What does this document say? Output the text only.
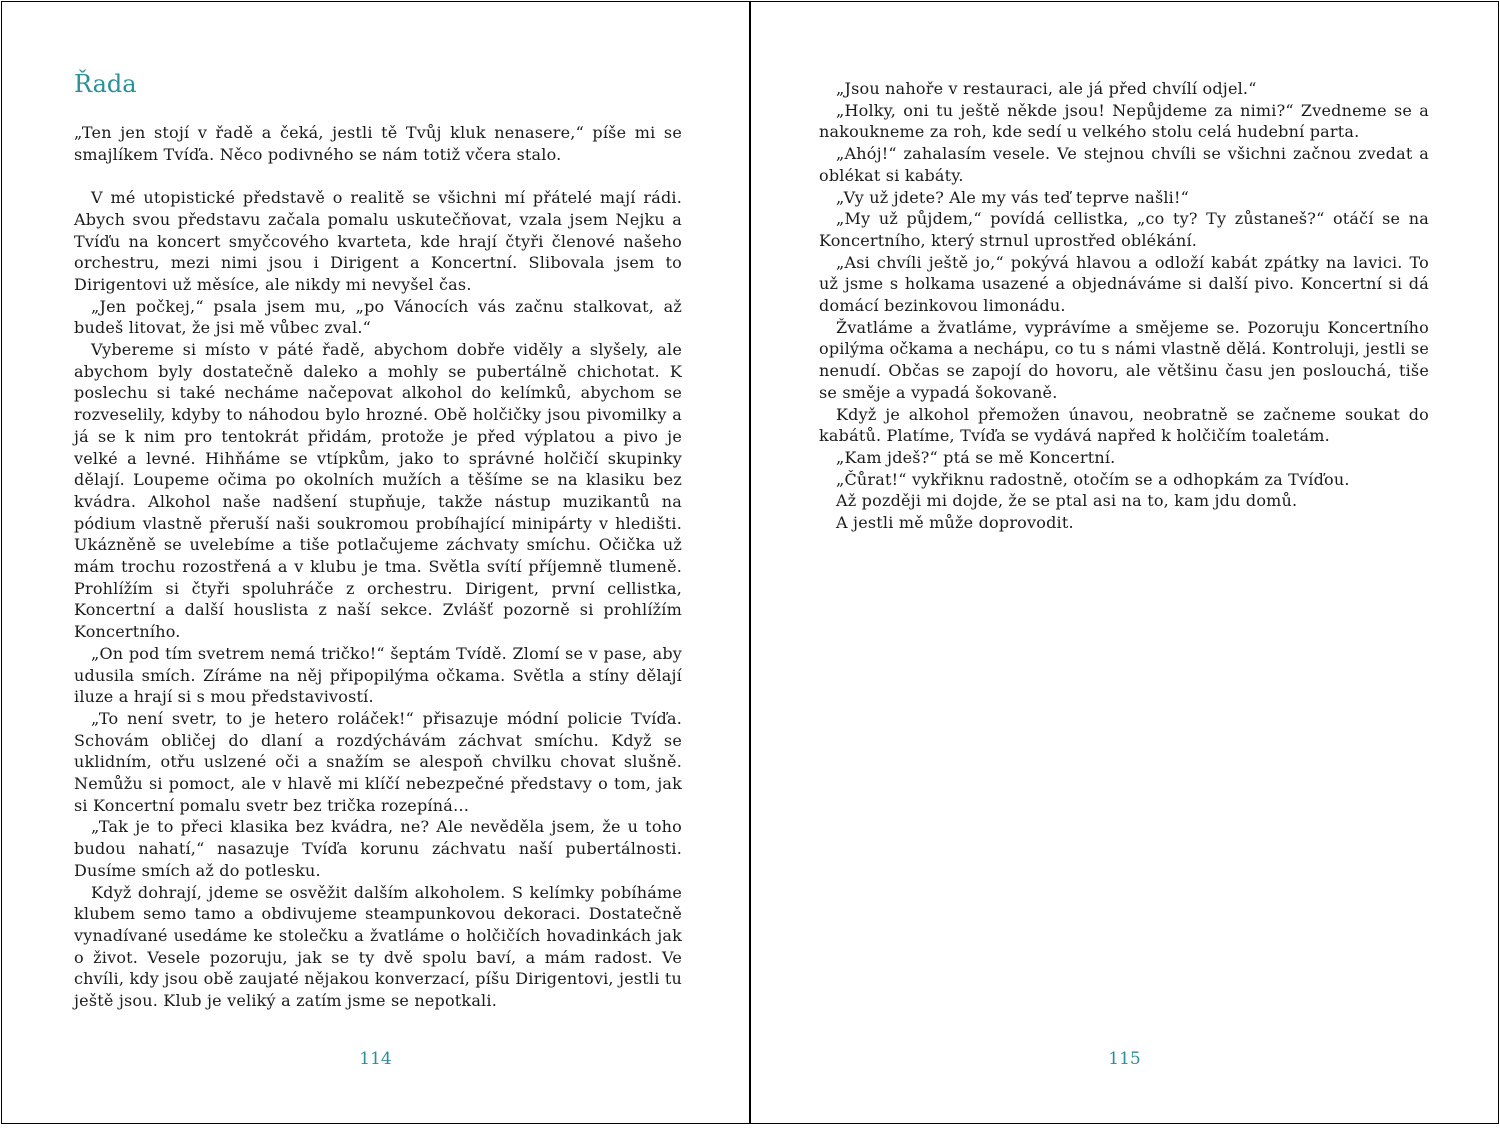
Řada

„Ten jen stojí v řadě a čeká, jestli tě Tvůj kluk nenasere,“ píše mi se smajlíkem Tvíďa. Něco podivného se nám totiž včera stalo.

V mé utopistické představě o realitě se všichni mí přátelé mají rádi. Abych svou představu začala pomalu uskutečňovat, vzala jsem Nejku a Tvíďu na koncert smyčcového kvarteta, kde hrají čtyři členové našeho orchestru, mezi nimi jsou i Dirigent a Koncertní. Slibovala jsem to Dirigentovi už měsíce, ale nikdy mi nevyšel čas.

„Jen počkej,“ psala jsem mu, „po Vánocích vás začnu stalkovat, až budeš litovat, že jsi mě vůbec zval.“

Vybereme si místo v páté řadě, abychom dobře viděly a slyšely, ale abychom byly dostatečně daleko a mohly se pubertálně chichotat. K poslechu si také necháme načepovat alkohol do kelímků, abychom se rozveselily, kdyby to náhodou bylo hrozné. Obě holčičky jsou pivomilky a já se k nim pro tentokrát přidám, protože je před výplatou a pivo je velké a levné. Hihňáme se vtípkům, jako to správné holčičí skupinky dělají. Loupeme očima po okolních mužích a těšíme se na klasiku bez kvádra. Alkohol naše nadšení stupňuje, takže nástup muzikantů na pódium vlastně přeruší naši soukromou probíhající minipárty v hledišti. Ukázněně se uvelebíme a tiše potlačujeme záchvaty smíchu. Očička už mám trochu rozostřená a v klubu je tma. Světla svítí příjemně tlumeně. Prohlížím si čtyři spoluhráče z orchestru. Dirigent, první cellistka, Koncertní a další houslista z naší sekce. Zvlášť pozorně si prohlížím Koncertního.

„On pod tím svetrem nemá tričko!“ šeptám Tvídě. Zlomí se v pase, aby udusila smích. Zíráme na něj připopilýma očkama. Světla a stíny dělají iluze a hrají si s mou představivostí.

„To není svetr, to je hetero roláček!“ přisazuje módní policie Tvíďa. Schovám obličej do dlaní a rozdýchávám záchvat smíchu. Když se uklidním, otřu uslzené oči a snažím se alespoň chvilku chovat slušně. Nemůžu si pomoct, ale v hlavě mi klíčí nebezpečné představy o tom, jak si Koncertní pomalu svetr bez trička rozepíná…

„Tak je to přeci klasika bez kvádra, ne? Ale nevěděla jsem, že u toho budou nahatí,“ nasazuje Tvíďa korunu záchvatu naší pubertálnosti. Dusíme smích až do potlesku.

Když dohrají, jdeme se osvěžit dalším alkoholem. S kelímky pobíháme klubem semo tamo a obdivujeme steampunkovou dekoraci. Dostatečně vynadívané usedáme ke stolečku a žvatláme o holčičích hovadinkách jak o život. Vesele pozoruju, jak se ty dvě spolu baví, a mám radost. Ve chvíli, kdy jsou obě zaujaté nějakou konverzací, píšu Dirigentovi, jestli tu ještě jsou. Klub je veliký a zatím jsme se nepotkali.

114

„Jsou nahoře v restauraci, ale já před chvílí odjel.“

„Holky, oni tu ještě někde jsou! Nepůjdeme za nimi?“ Zvedneme se a nakoukneme za roh, kde sedí u velkého stolu celá hudební parta.

„Ahój!“ zahalasím vesele. Ve stejnou chvíli se všichni začnou zvedat a oblékat si kabáty.

„Vy už jdete? Ale my vás teď teprve našli!“

„My už půjdem,“ povídá cellistka, „co ty? Ty zůstaneš?“ otáčí se na Koncertního, který strnul uprostřed oblékání.

„Asi chvíli ještě jo,“ pokývá hlavou a odloží kabát zpátky na lavici. To už jsme s holkama usazené a objednáváme si další pivo. Koncertní si dá domácí bezinkovou limonádu.

Žvatláme a žvatláme, vyprávíme a smějeme se. Pozoruju Koncertního opilýma očkama a nechápu, co tu s námi vlastně dělá. Kontroluji, jestli se nenudí. Občas se zapojí do hovoru, ale většinu času jen poslouchá, tiše se směje a vypadá šokovaně.

Když je alkohol přemožen únavou, neobratně se začneme soukat do kabátů. Platíme, Tvíďa se vydává napřed k holčičím toaletám.

„Kam jdeš?“ ptá se mě Koncertní.

„Čůrat!“ vykřiknu radostně, otočím se a odhopkám za Tvíďou.

Až později mi dojde, že se ptal asi na to, kam jdu domů.

A jestli mě může doprovodit.

115
